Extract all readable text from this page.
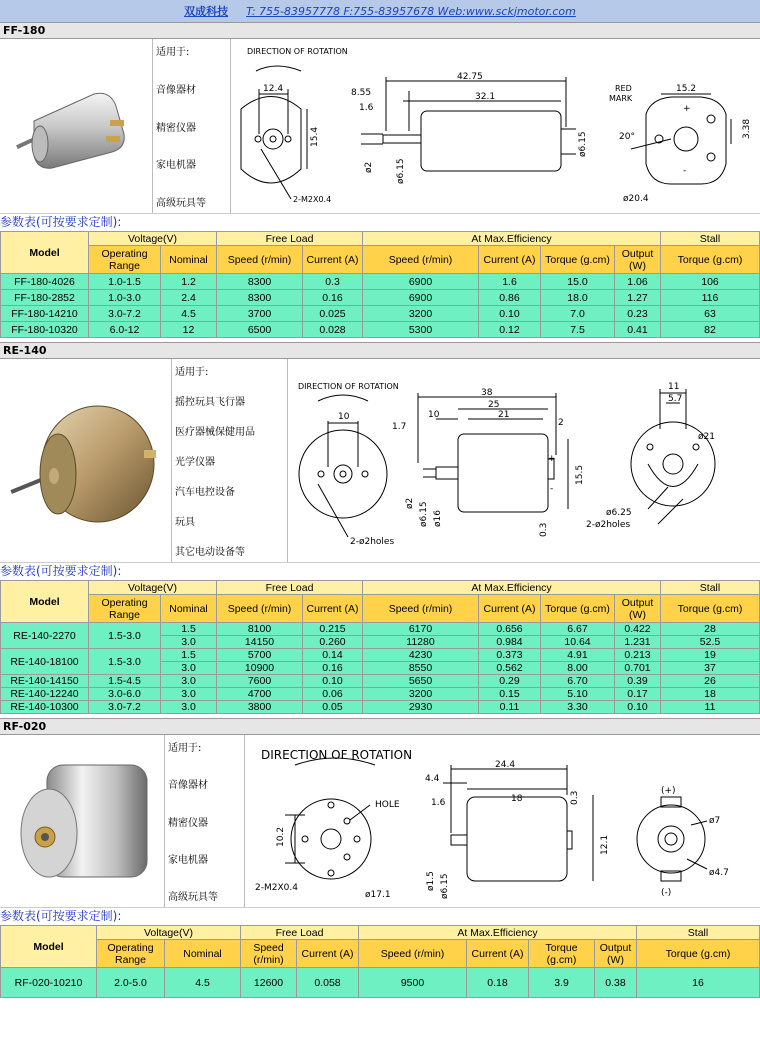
双成科技 T: 755-83957778 F:755-83957678 Web:www.sckjmotor.com
FF-180
适用于:
音像器材
精密仪器
家电机器
高级玩具等
DIRECTION OF ROTATION
12.4
15.4
2-M2X0.4
42.75
8.55
1.6
32.1
ø6.15
ø2 ø6.15
RED
MARK
15.2
3.38
20°
ø20.4
+
-
参数表(可按要求定制):
Model	Voltage(V)		Free Load		At Max.Efficiency				Stall
	Operating Range	Nominal	Speed (r/min)	Current (A)	Speed (r/min)	Current (A)	Torque (g.cm)	Output (W)	Torque (g.cm)
FF-180-4026	1.0-1.5	1.2	8300	0.3	6900	1.6	15.0	1.06	106
FF-180-2852	1.0-3.0	2.4	8300	0.16	6900	0.86	18.0	1.27	116
FF-180-14210	3.0-7.2	4.5	3700	0.025	3200	0.10	7.0	0.23	63
FF-180-10320	6.0-12	12	6500	0.028	5300	0.12	7.5	0.41	82
RE-140
适用于:
摇控玩具飞行器
医疗器械保健用品
光学仪器
汽车电控设备
玩具
其它电动设备等
DIRECTION OF ROTATION
10
2-ø2holes
38
25
21
10
1.7	2
15.5
ø2 ø6.15 ø16
0.3
11
5.7
ø21
ø6.25
2-ø2holes
+
-
参数表(可按要求定制):
Model	Voltage(V)		Free Load		At Max.Efficiency				Stall
	Operating Range	Nominal	Speed (r/min)	Current (A)	Speed (r/min)	Current (A)	Torque (g.cm)	Output (W)	Torque (g.cm)
RE-140-2270	1.5-3.0	1.5	8100	0.215	6170	0.656	6.67	0.422	28
		3.0	14150	0.260	11280	0.984	10.64	1.231	52.5
RE-140-18100	1.5-3.0	1.5	5700	0.14	4230	0.373	4.91	0.213	19
		3.0	10900	0.16	8550	0.562	8.00	0.701	37
RE-140-14150	1.5-4.5	3.0	7600	0.10	5650	0.29	6.70	0.39	26
RE-140-12240	3.0-6.0	3.0	4700	0.06	3200	0.15	5.10	0.17	18
RE-140-10300	3.0-7.2	3.0	3800	0.05	2930	0.11	3.30	0.10	11
RF-020
适用于:
音像器材
精密仪器
家电机器
高级玩具等
DIRECTION OF ROTATION
HOLE
10.2
2-M2X0.4
ø17.1
24.4
4.4
1.6	18	0.3
12.1
ø1.5 ø6.15
ø7
ø4.7
(+)
(-)
参数表(可按要求定制):
Model	Voltage(V)		Free Load		At Max.Efficiency				Stall
	Operating Range	Nominal	Speed (r/min)	Current (A)	Speed (r/min)	Current (A)	Torque (g.cm)	Output (W)	Torque (g.cm)
RF-020-10210	2.0-5.0	4.5	12600	0.058	9500	0.18	3.9	0.38	16
